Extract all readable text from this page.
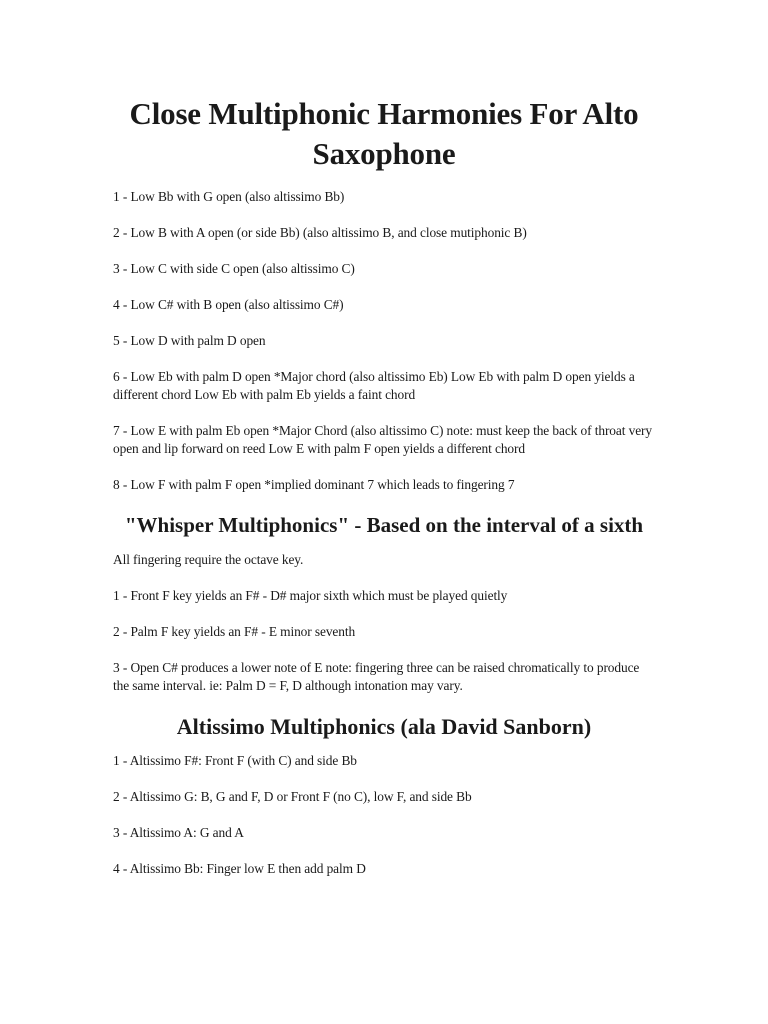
Close Multiphonic Harmonies For Alto Saxophone

1 - Low Bb with G open (also altissimo Bb)

2 - Low B with A open (or side Bb) (also altissimo B, and close mutiphonic B)

3 - Low C with side C open (also altissimo C)

4 - Low C# with B open (also altissimo C#)

5 - Low D with palm D open

6 - Low Eb with palm D open *Major chord (also altissimo Eb) Low Eb with palm D open yields a different chord Low Eb with palm Eb yields a faint chord

7 - Low E with palm Eb open *Major Chord (also altissimo C) note: must keep the back of throat very open and lip forward on reed Low E with palm F open yields a different chord

8 - Low F with palm F open *implied dominant 7 which leads to fingering 7

"Whisper Multiphonics" - Based on the interval of a sixth

All fingering require the octave key.

1 - Front F key yields an F# - D# major sixth which must be played quietly

2 - Palm F key yields an F# - E minor seventh

3 - Open C# produces a lower note of E note: fingering three can be raised chromatically to produce the same interval. ie: Palm D = F, D although intonation may vary.

Altissimo Multiphonics (ala David Sanborn)

1 - Altissimo F#: Front F (with C) and side Bb

2 - Altissimo G: B, G and F, D or Front F (no C), low F, and side Bb

3 - Altissimo A: G and A

4 - Altissimo Bb: Finger low E then add palm D
